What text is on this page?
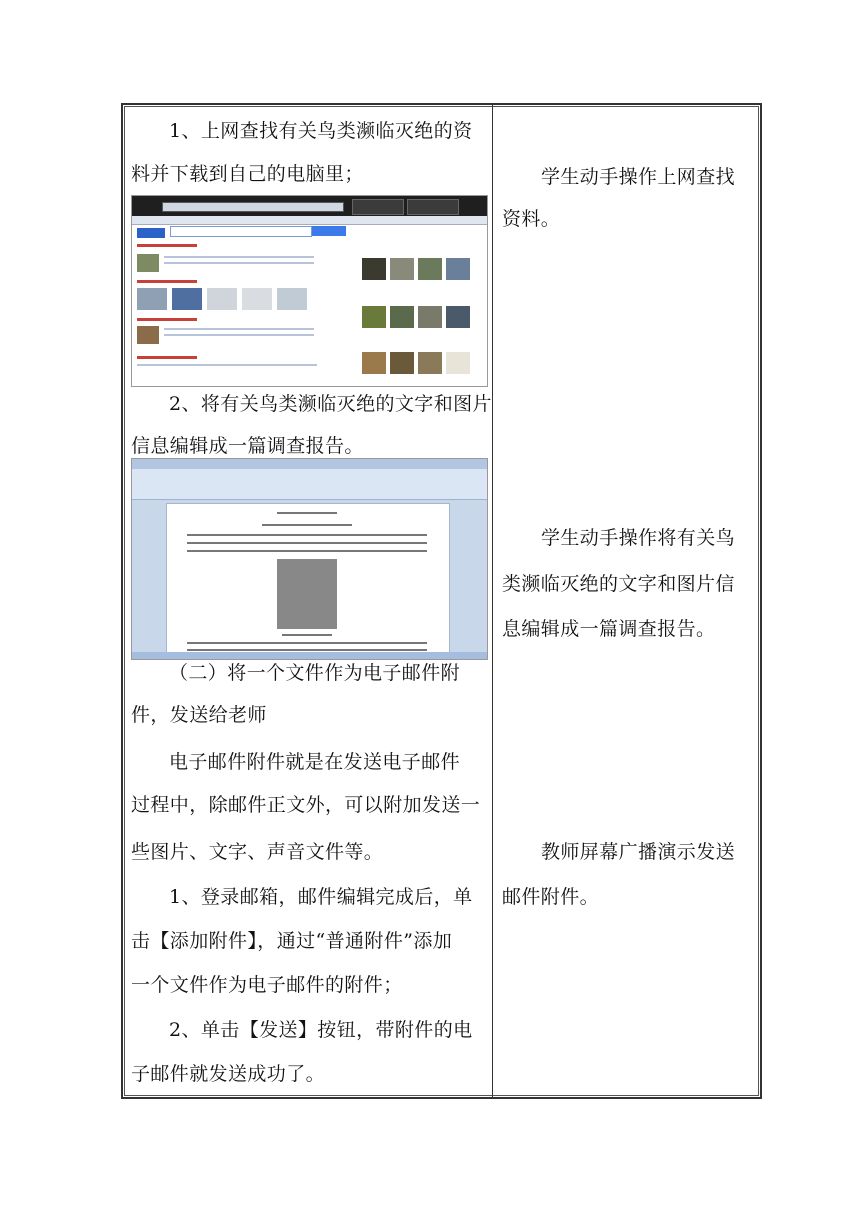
1、上网查找有关鸟类濒临灭绝的资
料并下载到自己的电脑里；
2、将有关鸟类濒临灭绝的文字和图片
信息编辑成一篇调查报告。
（二）将一个文件作为电子邮件附
件，发送给老师
电子邮件附件就是在发送电子邮件
过程中，除邮件正文外，可以附加发送一
些图片、文字、声音文件等。
1、登录邮箱，邮件编辑完成后，单
击【添加附件】，通过“普通附件”添加
一个文件作为电子邮件的附件；
2、单击【发送】按钮，带附件的电
子邮件就发送成功了。
学生动手操作上网查找
资料。
学生动手操作将有关鸟
类濒临灭绝的文字和图片信
息编辑成一篇调查报告。
教师屏幕广播演示发送
邮件附件。
